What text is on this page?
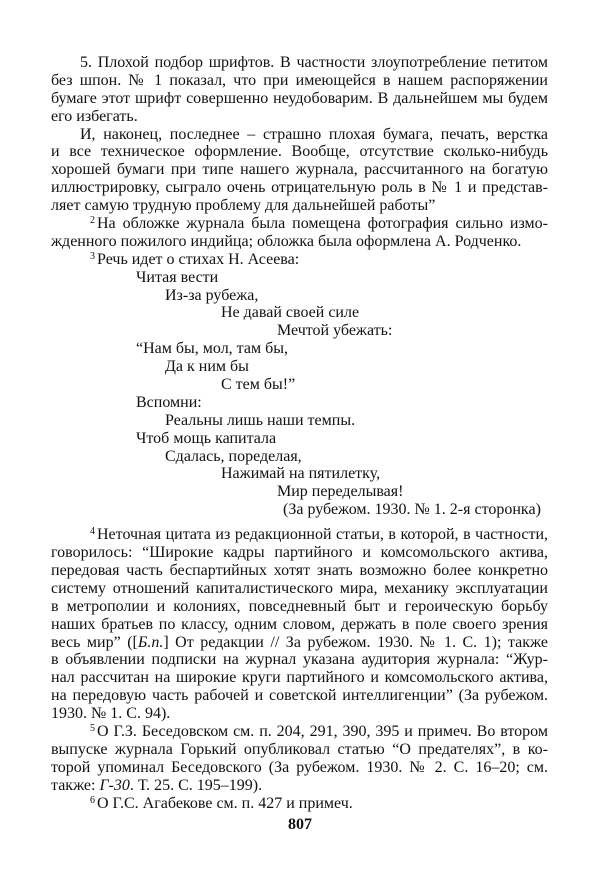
5. Плохой подбор шрифтов. В частности злоупотребление петитом
без шпон. № 1 показал, что при имеющейся в нашем распоряжении
бумаге этот шрифт совершенно неудобоварим. В дальнейшем мы будем
его избегать.
И, наконец, последнее – страшно плохая бумага, печать, верстка
и все техническое оформление. Вообще, отсутствие сколько-нибудь
хорошей бумаги при типе нашего журнала, рассчитанного на богатую
иллюстрировку, сыграло очень отрицательную роль в № 1 и представ-
ляет самую трудную проблему для дальнейшей работы”
$^2$ На обложке журнала была помещена фотография сильно измо-
жденного пожилого индийца; обложка была оформлена А. Родченко.
$^3$ Речь идет о стихах Н. Асеева:
Читая вести
Из-за рубежа,
Не давай своей силе
Мечтой убежать:
“Нам бы, мол, там бы,
Да к ним бы
С тем бы!”
Вспомни:
Реальны лишь наши темпы.
Чтоб мощь капитала
Сдалась, поределая,
Нажимай на пятилетку,
Мир переделывая!
(За рубежом. 1930. № 1. 2-я сторонка)
$^4$ Неточная цитата из редакционной статьи, в которой, в частности,
говорилось: “Широкие кадры партийного и комсомольского актива,
передовая часть беспартийных хотят знать возможно более конкретно
систему отношений капиталистического мира, механику эксплуатации
в метрополии и колониях, повседневный быт и героическую борьбу
наших братьев по классу, одним словом, держать в поле своего зрения
весь мир” ([Б.п.] От редакции // За рубежом. 1930. № 1. С. 1); также
в объявлении подписки на журнал указана аудитория журнала: “Жур-
нал рассчитан на широкие круги партийного и комсомольского актива,
на передовую часть рабочей и советской интеллигенции” (За рубежом.
1930. № 1. С. 94).
$^5$ О Г.З. Беседовском см. п. 204, 291, 390, 395 и примеч. Во втором
выпуске журнала Горький опубликовал статью “О предателях”, в ко-
торой упоминал Беседовского (За рубежом. 1930. № 2. С. 16–20; см.
также: Г-30. Т. 25. С. 195–199).
$^6$ О Г.С. Агабекове см. п. 427 и примеч.
807
